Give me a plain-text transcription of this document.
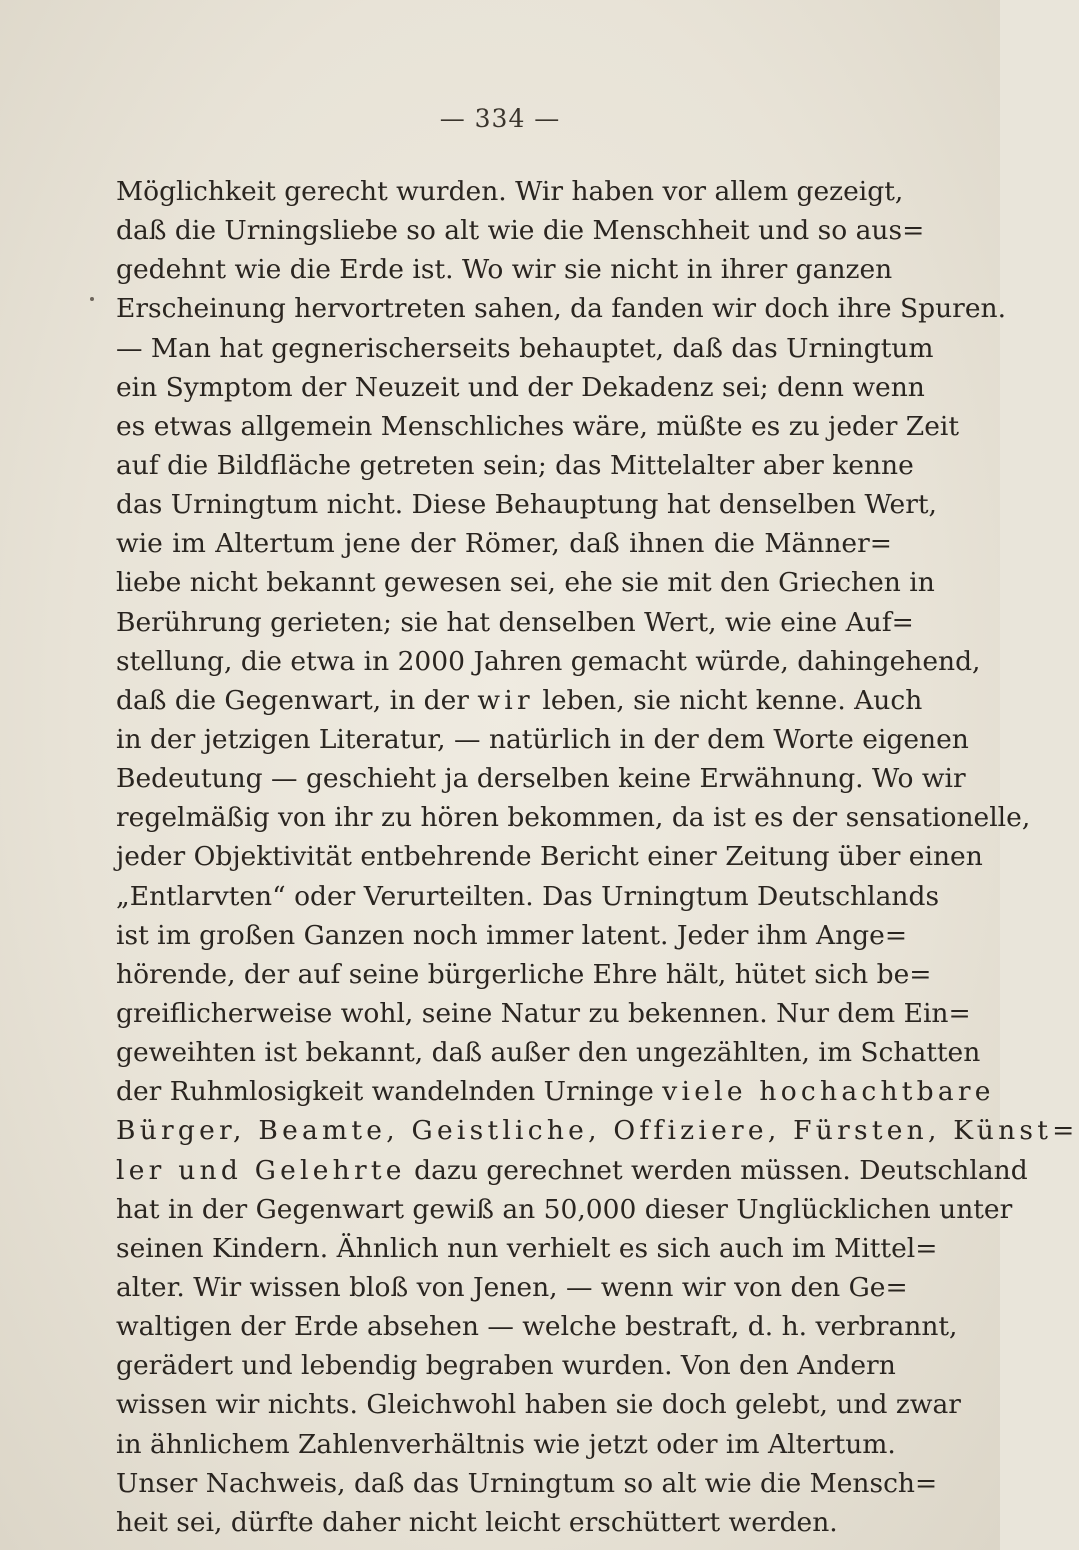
— 334 —
Möglichkeit gerecht wurden. Wir haben vor allem gezeigt,
daß die Urningsliebe so alt wie die Menschheit und so aus=
gedehnt wie die Erde ist. Wo wir sie nicht in ihrer ganzen
Erscheinung hervortreten sahen, da fanden wir doch ihre Spuren.
— Man hat gegnerischerseits behauptet, daß das Urningtum
ein Symptom der Neuzeit und der Dekadenz sei; denn wenn
es etwas allgemein Menschliches wäre, müßte es zu jeder Zeit
auf die Bildfläche getreten sein; das Mittelalter aber kenne
das Urningtum nicht. Diese Behauptung hat denselben Wert,
wie im Altertum jene der Römer, daß ihnen die Männer=
liebe nicht bekannt gewesen sei, ehe sie mit den Griechen in
Berührung gerieten; sie hat denselben Wert, wie eine Auf=
stellung, die etwa in 2000 Jahren gemacht würde, dahingehend,
daß die Gegenwart, in der wir leben, sie nicht kenne. Auch
in der jetzigen Literatur, — natürlich in der dem Worte eigenen
Bedeutung — geschieht ja derselben keine Erwähnung. Wo wir
regelmäßig von ihr zu hören bekommen, da ist es der sensationelle,
jeder Objektivität entbehrende Bericht einer Zeitung über einen
„Entlarvten“ oder Verurteilten. Das Urningtum Deutschlands
ist im großen Ganzen noch immer latent. Jeder ihm Ange=
hörende, der auf seine bürgerliche Ehre hält, hütet sich be=
greiflicherweise wohl, seine Natur zu bekennen. Nur dem Ein=
geweihten ist bekannt, daß außer den ungezählten, im Schatten
der Ruhmlosigkeit wandelnden Urninge viele hochachtbare
Bürger, Beamte, Geistliche, Offiziere, Fürsten, Künst=
ler und Gelehrte dazu gerechnet werden müssen. Deutschland
hat in der Gegenwart gewiß an 50,000 dieser Unglücklichen unter
seinen Kindern. Ähnlich nun verhielt es sich auch im Mittel=
alter. Wir wissen bloß von Jenen, — wenn wir von den Ge=
waltigen der Erde absehen — welche bestraft, d. h. verbrannt,
gerädert und lebendig begraben wurden. Von den Andern
wissen wir nichts. Gleichwohl haben sie doch gelebt, und zwar
in ähnlichem Zahlenverhältnis wie jetzt oder im Altertum.
Unser Nachweis, daß das Urningtum so alt wie die Mensch=
heit sei, dürfte daher nicht leicht erschüttert werden.
